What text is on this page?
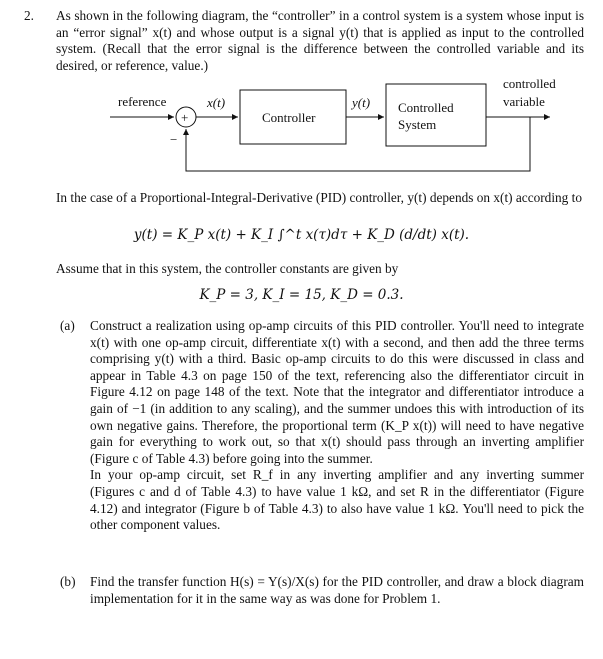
2. As shown in the following diagram, the “controller” in a control system is a system whose input is an “error signal” x(t) and whose output is a signal y(t) that is applied as input to the controlled system. (Recall that the error signal is the difference between the controlled variable and its desired, or reference, value.)
reference
+
−
x(t)
Controller
y(t) Controlled
System
controlled
variable
In the case of a Proportional-Integral-Derivative (PID) controller, y(t) depends on x(t) according to
y(t) = K_P x(t) + K_I ∫^t x(τ)dτ + K_D (d/dt) x(t).
Assume that in this system, the controller constants are given by
K_P = 3, K_I = 15, K_D = 0.3.
(a)	Construct a realization using op-amp circuits of this PID controller. You'll need to integrate x(t) with one op-amp circuit, differentiate x(t) with a second, and then add the three terms comprising y(t) with a third. Basic op-amp circuits to do this were discussed in class and appear in Table 4.3 on page 150 of the text, referencing also the differentiator circuit in Figure 4.12 on page 148 of the text. Note that the integrator and differentiator introduce a gain of −1 (in addition to any scaling), and the summer undoes this with introduction of its own negative gains. Therefore, the proportional term (K_P x(t)) will need to have negative gain for everything to work out, so that x(t) should pass through an inverting amplifier (Figure c of Table 4.3) before going into the summer.
In your op-amp circuit, set R_f in any inverting amplifier and any inverting summer (Figures c and d of Table 4.3) to have value 1 kΩ, and set R in the differentiator (Figure 4.12) and integrator (Figure b of Table 4.3) to also have value 1 kΩ. You'll need to pick the other component values.
(b)	Find the transfer function H(s) = Y(s)/X(s) for the PID controller, and draw a block diagram implementation for it in the same way as was done for Problem 1.
